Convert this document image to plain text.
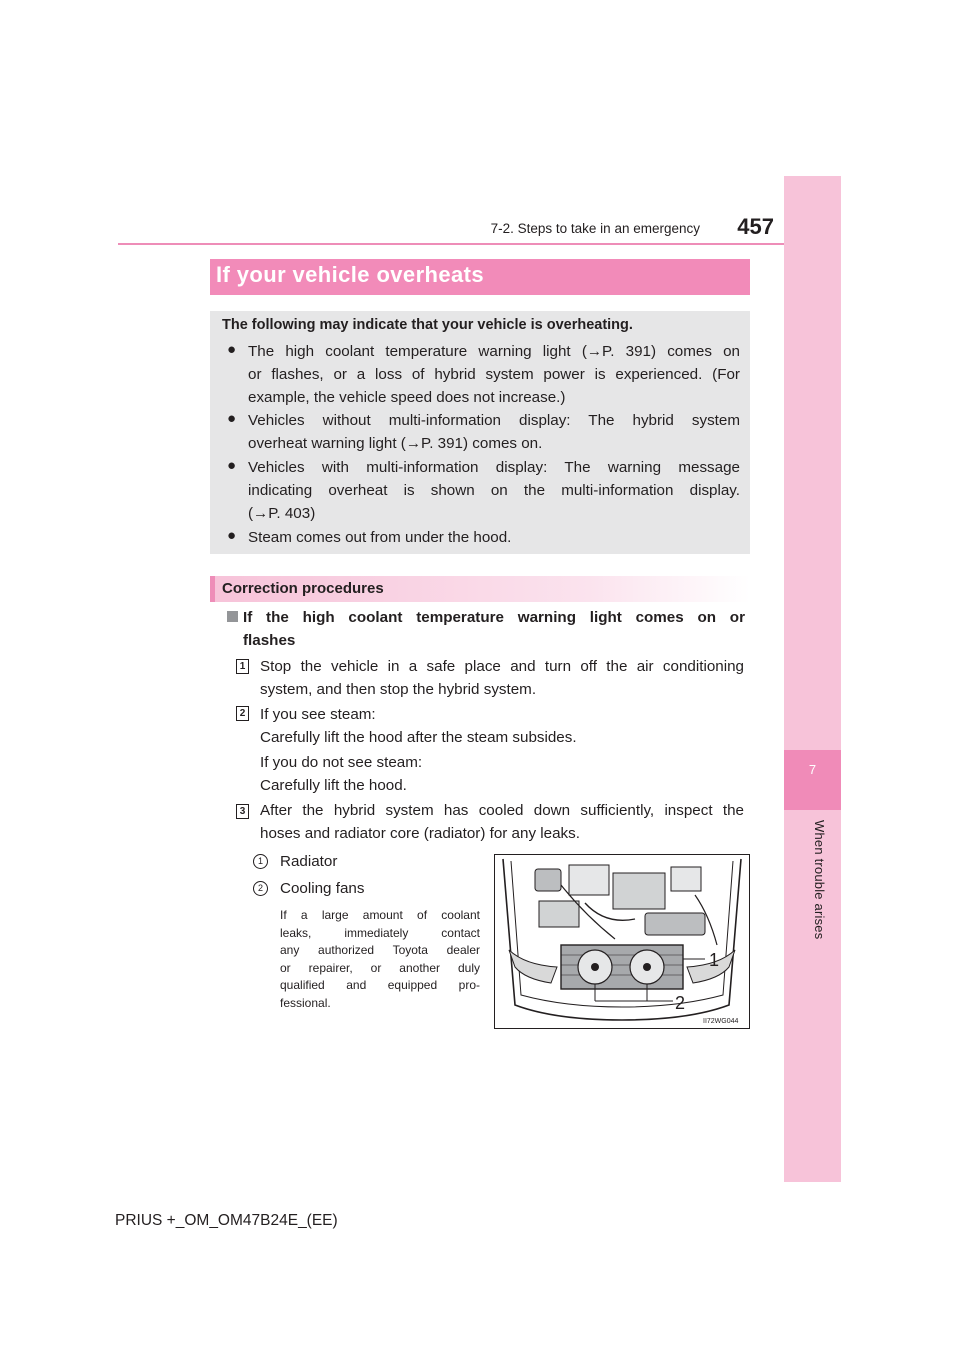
7
When trouble arises
7-2. Steps to take in an emergency	457
If your vehicle overheats
The following may indicate that your vehicle is overheating.
● The high coolant temperature warning light (→P. 391) comes on
or flashes, or a loss of hybrid system power is experienced. (For
example, the vehicle speed does not increase.)
● Vehicles without multi-information display: The hybrid system
overheat warning light (→P. 391) comes on.
● Vehicles with multi-information display: The warning message
indicating overheat is shown on the multi-information display.
(→P. 403)
● Steam comes out from under the hood.
Correction procedures
If the high coolant temperature warning light comes on or
flashes
1 Stop the vehicle in a safe place and turn off the air conditioning
system, and then stop the hybrid system.
2 If you see steam:
Carefully lift the hood after the steam subsides.
If you do not see steam:
Carefully lift the hood.
3 After the hybrid system has cooled down sufficiently, inspect the
hoses and radiator core (radiator) for any leaks.
1	Radiator
2	Cooling fans
If a large amount of coolant
leaks, immediately contact
any authorized Toyota dealer
or repairer, or another duly
qualified and equipped pro-
fessional.
1
2
II72WG044
PRIUS +_OM_OM47B24E_(EE)
